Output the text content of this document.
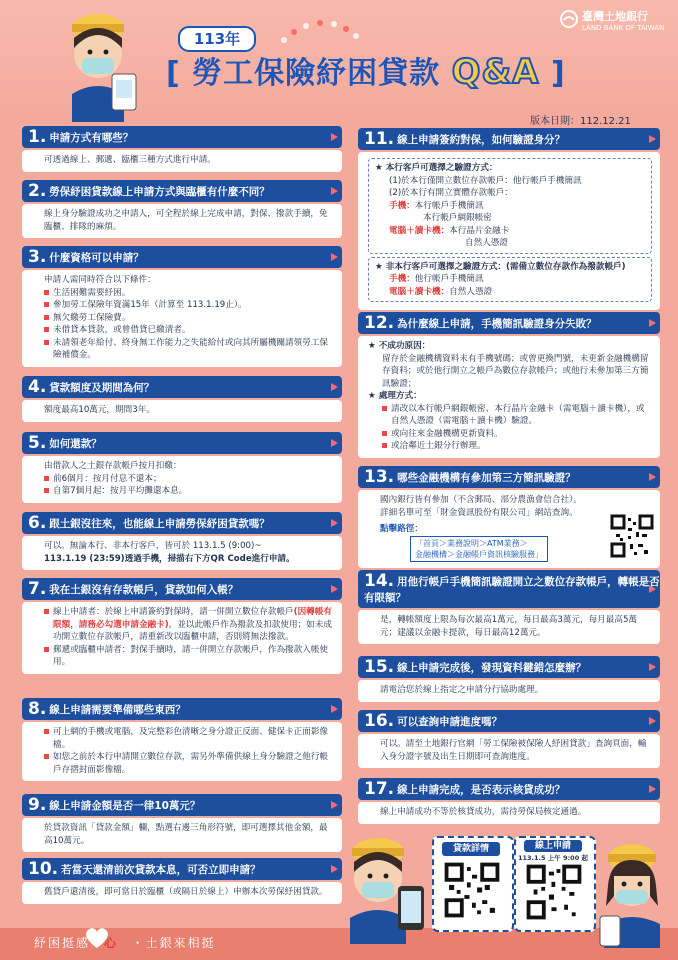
113年
[ 勞工保險紓困貸款 Q&A ]
臺灣土地銀行
LAND BANK OF TAIWAN
版本日期：112.12.21
1. 申請方式有哪些？
可透過線上、郵遞、臨櫃三種方式進行申請。
2. 勞保紓困貸款線上申請方式與臨櫃有什麼不同？
線上身分驗證成功之申請人，可全程於線上完成申請，對保、撥款手續，免臨櫃、排隊的麻煩。
3. 什麼資格可以申請？
申請人需同時符合以下條件：
生活困難需要紓困。
參加勞工保險年資滿15年（計算至 113.1.19止）。
無欠繳勞工保險費。
未借貸本貸款，或曾借貸已繳清者。
未請領老年給付、終身無工作能力之失能給付或向其所屬機關請領勞工保險補償金。
4. 貸款額度及期間為何？
額度最高10萬元，期間3年。
5. 如何還款？
由借款人之土銀存款帳戶按月扣繳：
前6個月：按月付息不還本；
自第7個月起：按月平均攤還本息。
6. 跟土銀沒往來，也能線上申請勞保紓困貸款嗎？
可以。無論本行、非本行客戶，皆可於 113.1.5 (9:00)~
113.1.19 (23:59)透過手機，掃描右下方QR Code進行申請。
7. 我在土銀沒有存款帳戶，貸款如何入帳？
線上申請者：於線上申請簽約對保時，請一併開立數位存款帳戶(因轉帳有限額，請務必勾選申請金融卡)，並以此帳戶作為撥款及扣款使用；如未成功開立數位存款帳戶，請重新改以臨櫃申請，否則將無法撥款。
郵遞或臨櫃申請者：對保手續時，請一併開立存款帳戶，作為撥款入帳使用。
8. 線上申請需要準備哪些東西？
可上網的手機或電腦，及完整彩色清晰之身分證正反面、健保卡正面影像檔。
如您之前於本行申請開立數位存款，需另外準備供線上身分驗證之他行帳戶存摺封面影像檔。
9. 線上申請金額是否一律10萬元？
於貸款資訊「貸款金額」欄，點選右邊三角形符號，即可選擇其他金額，最高10萬元。
10. 若當天還清前次貸款本息，可否立即申請？
舊貸戶還清後，即可當日於臨櫃（或隔日於線上）申辦本次勞保紓困貸款。
11. 線上申請簽約對保，如何驗證身分？
★ 本行客戶可選擇之驗證方式：
(1)於本行僅開立數位存款帳戶：他行帳戶手機簡訊
(2)於本行有開立實體存款帳戶：
手機：本行帳戶手機簡訊
本行帳戶網銀帳密
電腦＋讀卡機：本行晶片金融卡
自然人憑證
★ 非本行客戶可選擇之驗證方式：(需備立數位存款作為撥款帳戶)
手機：他行帳戶手機簡訊
電腦＋讀卡機：自然人憑證
12. 為什麼線上申請，手機簡訊驗證身分失敗？
★ 不成功原因：
留存於金融機構資料未有手機號碼；或曾更換門號，未更新金融機構留存資料；或於他行開立之帳戶為數位存款帳戶；或他行未參加第三方簡訊驗證；
★ 處理方式：
請改以本行帳戶網銀帳密、本行晶片金融卡（需電腦＋讀卡機），或自然人憑證（需電腦＋讀卡機）驗證。
或向往來金融機構更新資料。
或洽鄰近土銀分行辦理。
13. 哪些金融機構有參加第三方簡訊驗證？
國內銀行皆有參加（不含郵局、部分農漁會信合社）。
詳細名單可至「財金資訊股份有限公司」網站查詢。
點擊路徑：
「首頁＞業務說明＞ATM業務＞
金融機構＞金融帳戶資訊核驗服務」
14. 用他行帳戶手機簡訊驗證開立之數位存款帳戶，轉帳是否有限額？
是，轉帳額度上限為每次最高1萬元，每日最高3萬元，每月最高5萬元；建議以金融卡提款，每日最高12萬元。
15. 線上申請完成後，發現資料鍵錯怎麼辦？
請電洽您於線上指定之申請分行協助處理。
16. 可以查詢申請進度嗎？
可以。請至土地銀行官網「勞工保險被保險人紓困貸款」查詢頁面，輸入身分證字號及出生日期即可查詢進度。
17. 線上申請完成，是否表示核貸成功？
線上申請成功不等於核貸成功，需待勞保局核定通過。
貸款詳情	線上申請
113.1.5 上午 9:00 起
紓困挺感 心 ・土銀來相挺
